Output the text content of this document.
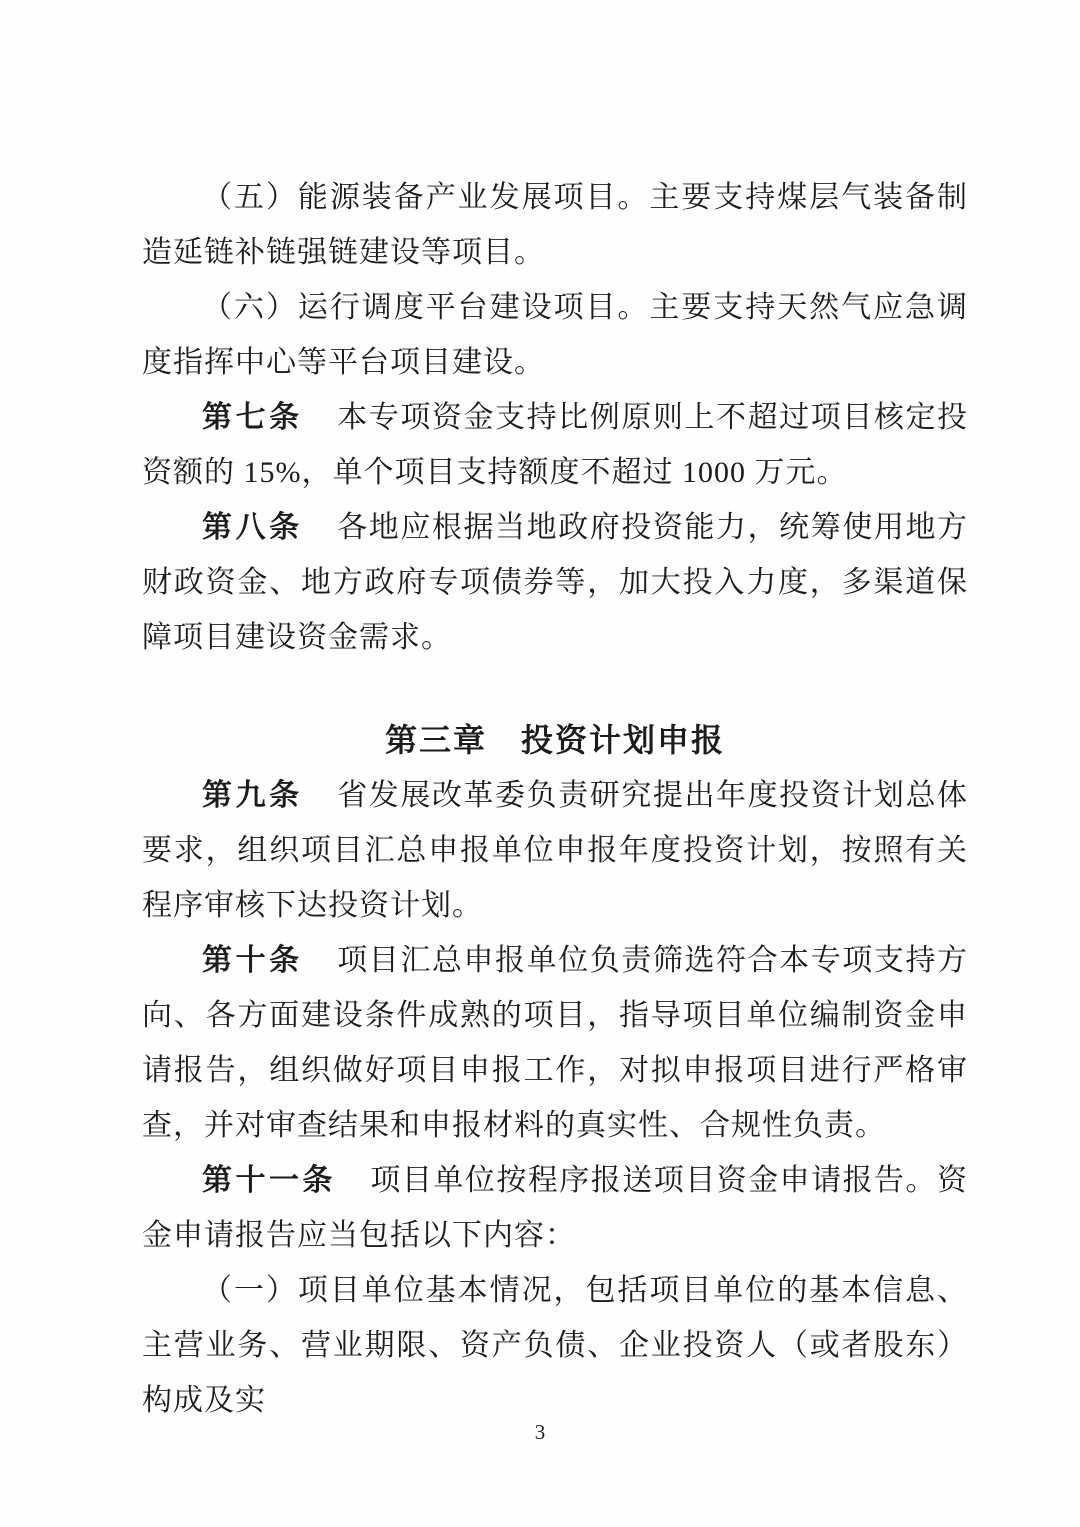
（五）能源装备产业发展项目。主要支持煤层气装备制造延链补链强链建设等项目。

（六）运行调度平台建设项目。主要支持天然气应急调度指挥中心等平台项目建设。

第七条 本专项资金支持比例原则上不超过项目核定投资额的 15%，单个项目支持额度不超过 1000 万元。

第八条 各地应根据当地政府投资能力，统筹使用地方财政资金、地方政府专项债券等，加大投入力度，多渠道保障项目建设资金需求。

第三章　投资计划申报

第九条 省发展改革委负责研究提出年度投资计划总体要求，组织项目汇总申报单位申报年度投资计划，按照有关程序审核下达投资计划。

第十条 项目汇总申报单位负责筛选符合本专项支持方向、各方面建设条件成熟的项目，指导项目单位编制资金申请报告，组织做好项目申报工作，对拟申报项目进行严格审查，并对审查结果和申报材料的真实性、合规性负责。

第十一条 项目单位按程序报送项目资金申请报告。资金申请报告应当包括以下内容：

（一）项目单位基本情况，包括项目单位的基本信息、主营业务、营业期限、资产负债、企业投资人（或者股东）构成及实

3
